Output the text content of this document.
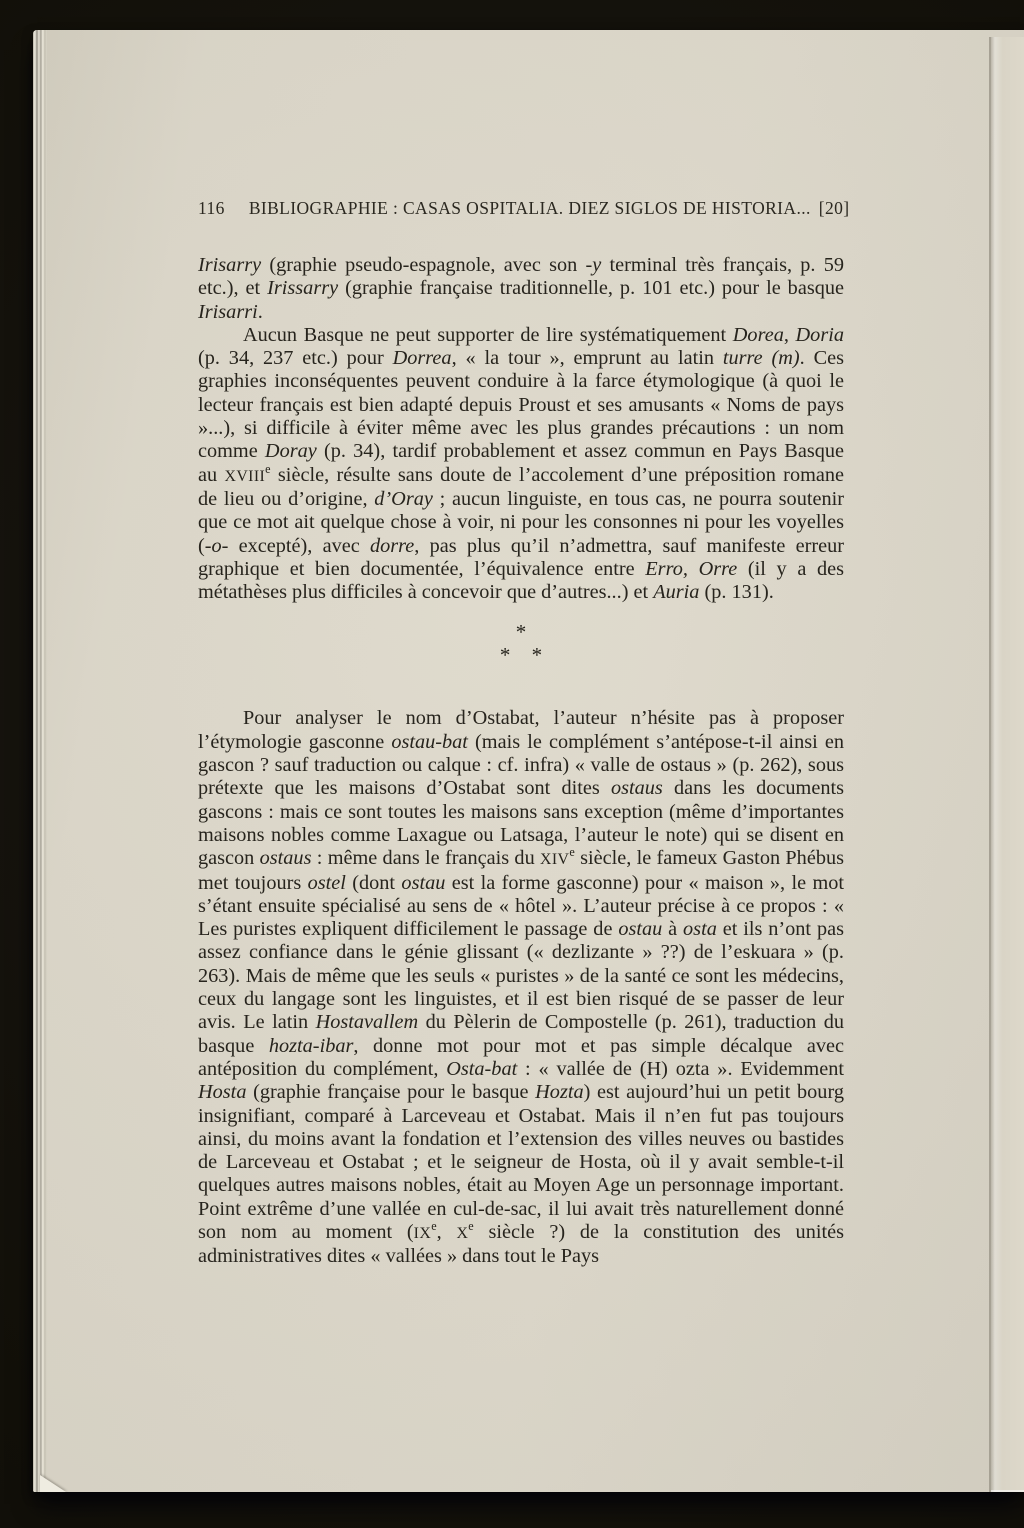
116	BIBLIOGRAPHIE : CASAS OSPITALIA. DIEZ SIGLOS DE HISTORIA... [20]

Irisarry (graphie pseudo-espagnole, avec son -y terminal très français, p. 59 etc.), et Irissarry (graphie française traditionnelle, p. 101 etc.) pour le basque Irisarri.

Aucun Basque ne peut supporter de lire systématiquement Dorea, Doria (p. 34, 237 etc.) pour Dorrea, « la tour », emprunt au latin turre (m). Ces graphies inconséquentes peuvent conduire à la farce étymologique (à quoi le lecteur français est bien adapté depuis Proust et ses amusants « Noms de pays »...), si difficile à éviter même avec les plus grandes précautions : un nom comme Doray (p. 34), tardif probablement et assez commun en Pays Basque au XVIIIe siècle, résulte sans doute de l’accolement d’une préposition romane de lieu ou d’origine, d’Oray ; aucun linguiste, en tous cas, ne pourra soutenir que ce mot ait quelque chose à voir, ni pour les consonnes ni pour les voyelles (-o- excepté), avec dorre, pas plus qu’il n’admettra, sauf manifeste erreur graphique et bien documentée, l’équivalence entre Erro, Orre (il y a des métathèses plus difficiles à concevoir que d’autres...) et Auria (p. 131).

*
* *

Pour analyser le nom d’Ostabat, l’auteur n’hésite pas à proposer l’étymologie gasconne ostau-bat (mais le complément s’antépose-t-il ainsi en gascon ? sauf traduction ou calque : cf. infra) « valle de ostaus » (p. 262), sous prétexte que les maisons d’Ostabat sont dites ostaus dans les documents gascons : mais ce sont toutes les maisons sans exception (même d’importantes maisons nobles comme Laxague ou Latsaga, l’auteur le note) qui se disent en gascon ostaus : même dans le français du XIVe siècle, le fameux Gaston Phébus met toujours ostel (dont ostau est la forme gasconne) pour « maison », le mot s’étant ensuite spécialisé au sens de « hôtel ». L’auteur précise à ce propos : « Les puristes expliquent difficilement le passage de ostau à osta et ils n’ont pas assez confiance dans le génie glissant (« dezlizante » ??) de l’eskuara » (p. 263). Mais de même que les seuls « puristes » de la santé ce sont les médecins, ceux du langage sont les linguistes, et il est bien risqué de se passer de leur avis. Le latin Hostavallem du Pèlerin de Compostelle (p. 261), traduction du basque hozta-ibar, donne mot pour mot et pas simple décalque avec antéposition du complément, Osta-bat : « vallée de (H) ozta ». Evidemment Hosta (graphie française pour le basque Hozta) est aujourd’hui un petit bourg insignifiant, comparé à Larceveau et Ostabat. Mais il n’en fut pas toujours ainsi, du moins avant la fondation et l’extension des villes neuves ou bastides de Larceveau et Ostabat ; et le seigneur de Hosta, où il y avait semble-t-il quelques autres maisons nobles, était au Moyen Age un personnage important. Point extrême d’une vallée en cul-de-sac, il lui avait très naturellement donné son nom au moment (IXe, Xe siècle ?) de la constitution des unités administratives dites « vallées » dans tout le Pays
